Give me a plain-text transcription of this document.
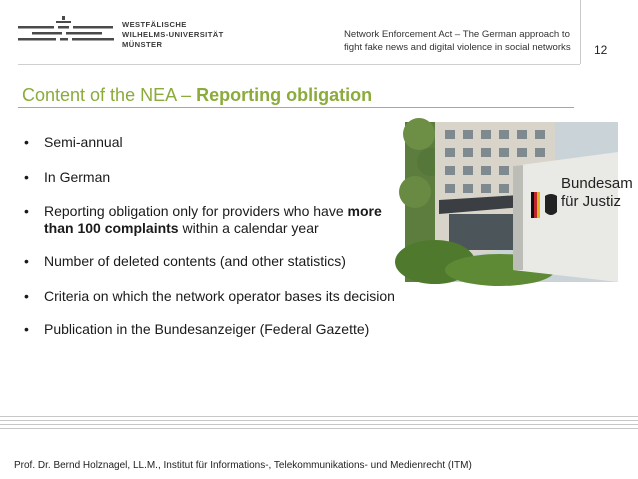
WESTFÄLISCHE
WILHELMS-UNIVERSITÄT
MÜNSTER
Network Enforcement Act – The German approach to
fight fake news and digital violence in social networks	12
Content of the NEA – Reporting obligation
• Semi-annual
• In German
• Reporting obligation only for providers who have more than 100 complaints within a calendar year
• Number of deleted contents (and other statistics)
• Criteria on which the network operator bases its decision
• Publication in the Bundesanzeiger (Federal Gazette)
Bundesam
für Justiz
Prof. Dr. Bernd Holznagel, LL.M., Institut für Informations-, Telekommunikations- und Medienrecht (ITM)
